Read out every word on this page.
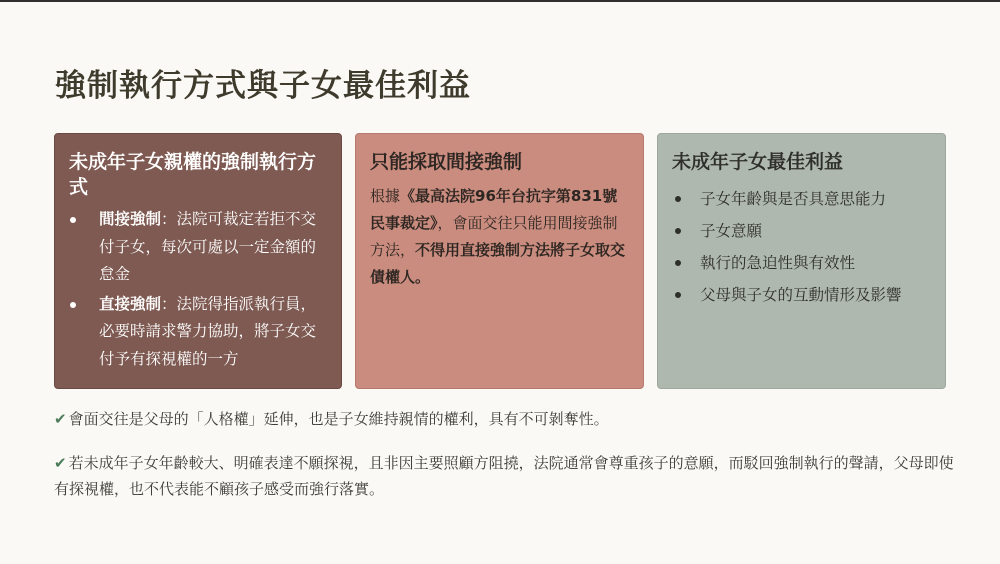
強制執行方式與子女最佳利益
未成年子女親權的強制執行方式
間接強制：法院可裁定若拒不交付子女，每次可處以一定金額的怠金
直接強制：法院得指派執行員，必要時請求警力協助，將子女交付予有探視權的一方
只能採取間接強制
根據《最高法院96年台抗字第831號民事裁定》，會面交往只能用間接強制方法，不得用直接強制方法將子女取交債權人。
未成年子女最佳利益
子女年齡與是否具意思能力
子女意願
執行的急迫性與有效性
父母與子女的互動情形及影響
✔ 會面交往是父母的「人格權」延伸，也是子女維持親情的權利，具有不可剝奪性。
✔ 若未成年子女年齡較大、明確表達不願探視，且非因主要照顧方阻撓，法院通常會尊重孩子的意願，而駁回強制執行的聲請，父母即使有探視權，也不代表能不顧孩子感受而強行落實。
